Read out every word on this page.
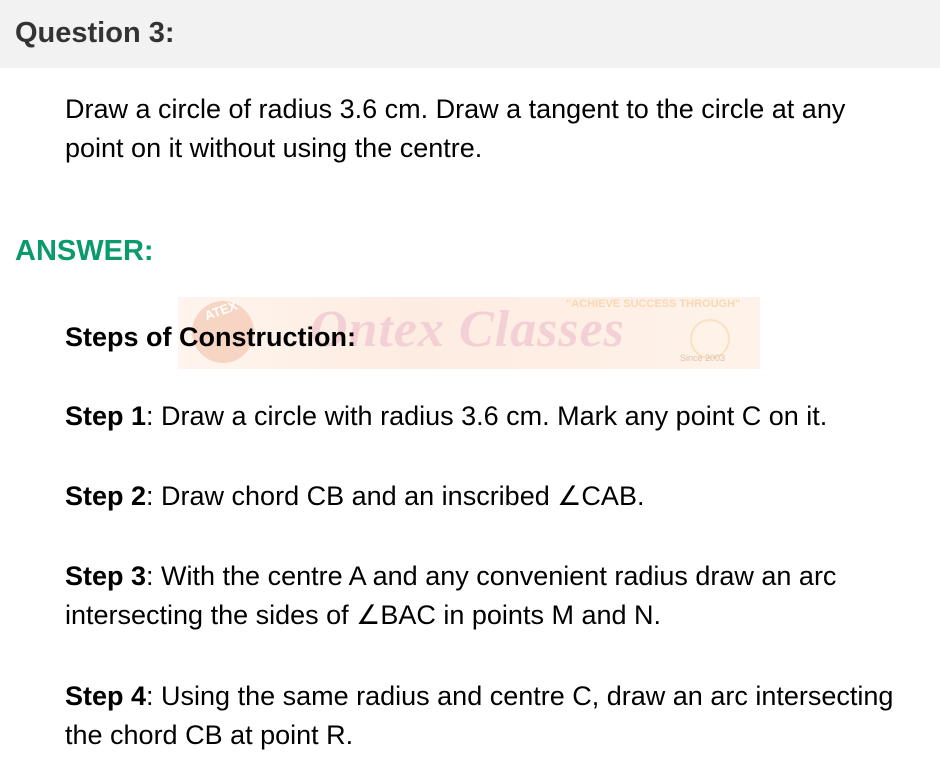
Question 3:

Draw a circle of radius 3.6 cm. Draw a tangent to the circle at any point on it without using the centre.

ANSWER:
ATEX Ontex Classes
"ACHIEVE SUCCESS THROUGH"
Since 2003
Steps of Construction:

Step 1: Draw a circle with radius 3.6 cm. Mark any point C on it.

Step 2: Draw chord CB and an inscribed ∠CAB.

Step 3: With the centre A and any convenient radius draw an arc intersecting the sides of ∠BAC in points M and N.

Step 4: Using the same radius and centre C, draw an arc intersecting the chord CB at point R.
